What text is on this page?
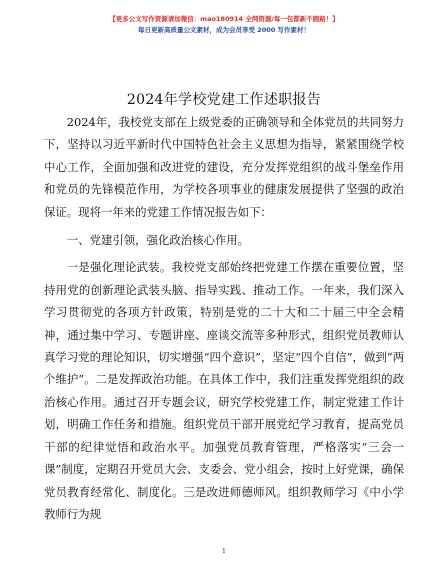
【更多公文写作资源请加微信：mao180914 全网资源/每一包都新不跑路！】
每日更新高质量公文素材，成为会员享受 2000 写作素材！
2024年学校党建工作述职报告

2024年，我校党支部在上级党委的正确领导和全体党员的共同努力下，坚持以习近平新时代中国特色社会主义思想为指导，紧紧围绕学校中心工作，全面加强和改进党的建设，充分发挥党组织的战斗堡垒作用和党员的先锋模范作用，为学校各项事业的健康发展提供了坚强的政治保证。现将一年来的党建工作情况报告如下：

一、党建引领，强化政治核心作用。

一是强化理论武装。我校党支部始终把党建工作摆在重要位置，坚持用党的创新理论武装头脑、指导实践、推动工作。一年来，我们深入学习贯彻党的各项方针政策，特别是党的二十大和二十届三中全会精神，通过集中学习、专题讲座、座谈交流等多种形式，组织党员教师认真学习党的理论知识，切实增强“四个意识”，坚定“四个自信”，做到“两个维护”。二是发挥政治功能。在具体工作中，我们注重发挥党组织的政治核心作用。通过召开专题会议，研究学校党建工作，制定党建工作计划，明确工作任务和措施。组织党员干部开展党纪学习教育，提高党员干部的纪律觉悟和政治水平。加强党员教育管理，严格落实“三会一课”制度，定期召开党员大会、支委会、党小组会，按时上好党课，确保党员教育经常化、制度化。三是改进师德师风。组织教师学习《中小学教师行为规

1
